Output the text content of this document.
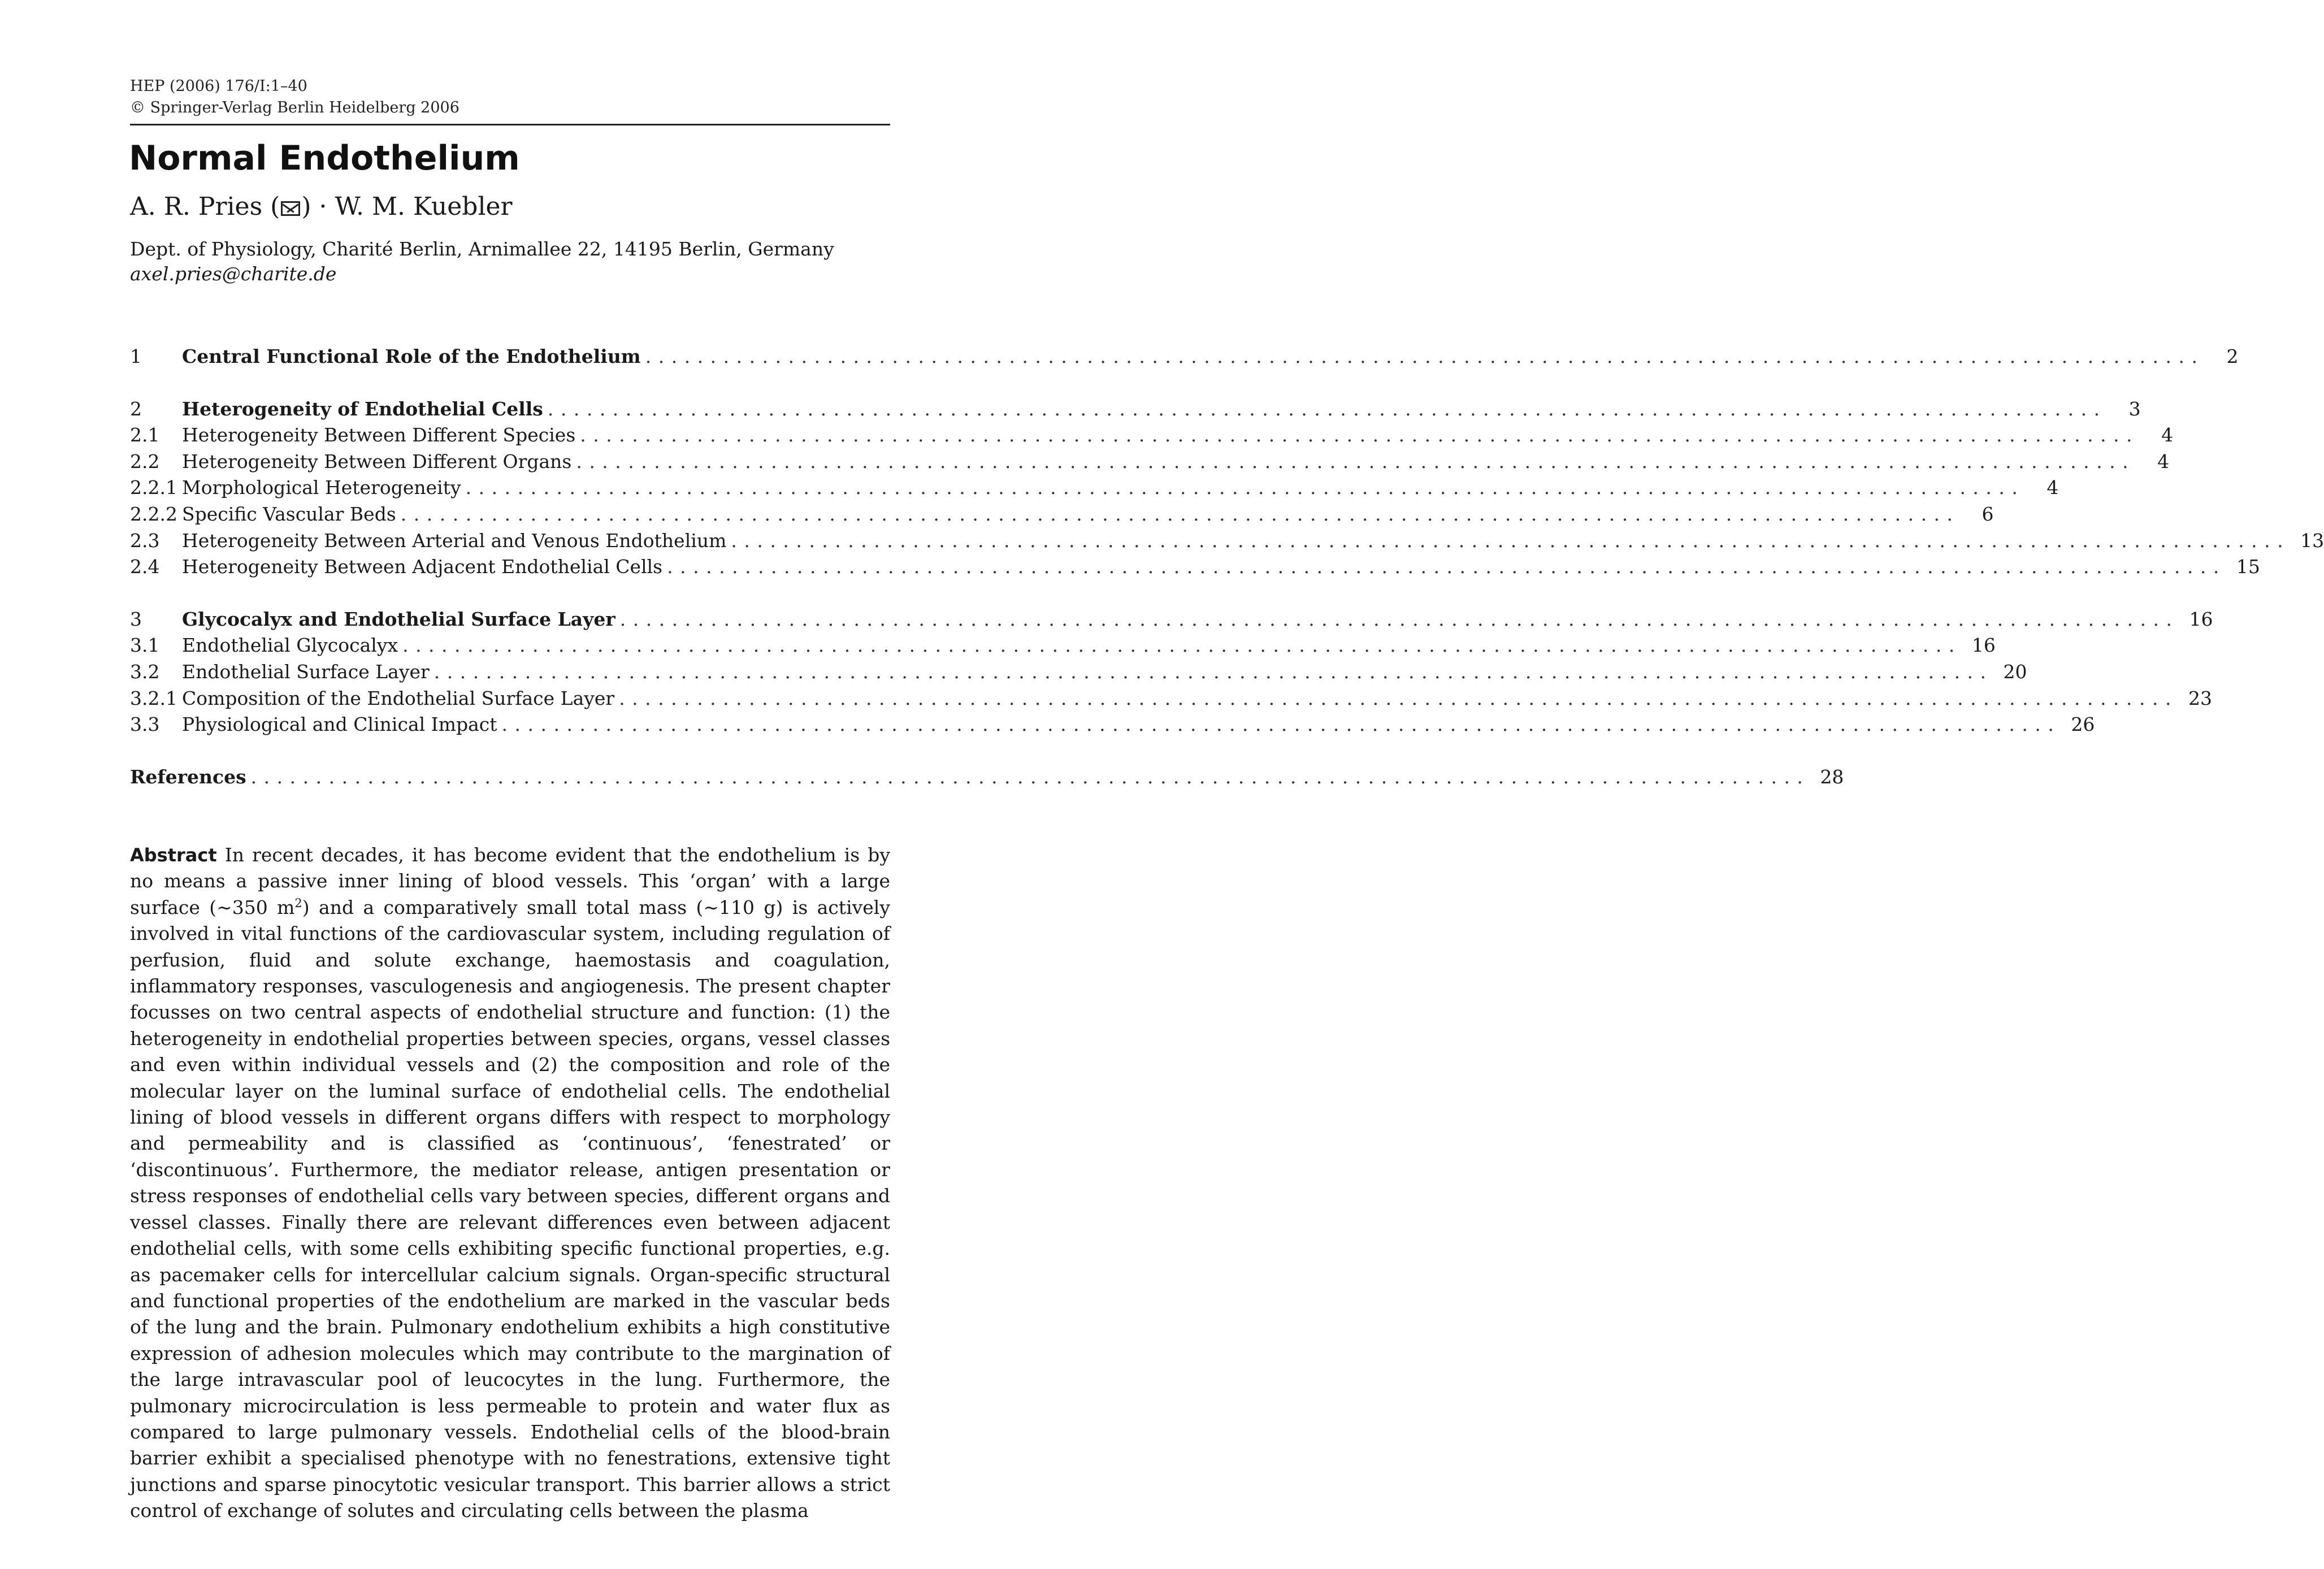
HEP (2006) 176/I:1–40
© Springer-Verlag Berlin Heidelberg 2006
Normal Endothelium
A. R. Pries ( ) · W. M. Kuebler
Dept. of Physiology, Charité Berlin, Arnimallee 22, 14195 Berlin, Germany
axel.pries@charite.de
1	Central Functional Role of the Endothelium ........................................................................................................................	2
2	Heterogeneity of Endothelial Cells ........................................................................................................................	3
2.1	Heterogeneity Between Different Species ........................................................................................................................	4
2.2	Heterogeneity Between Different Organs ........................................................................................................................	4
2.2.1 Morphological Heterogeneity ........................................................................................................................	4
2.2.2 Specific Vascular Beds ........................................................................................................................	6
2.3	Heterogeneity Between Arterial and Venous Endothelium ........................................................................................................................ 13
2.4	Heterogeneity Between Adjacent Endothelial Cells ........................................................................................................................ 15
3	Glycocalyx and Endothelial Surface Layer ........................................................................................................................ 16
3.1	Endothelial Glycocalyx ........................................................................................................................ 16
3.2	Endothelial Surface Layer ........................................................................................................................ 20
3.2.1 Composition of the Endothelial Surface Layer ........................................................................................................................ 23
3.3	Physiological and Clinical Impact ........................................................................................................................ 26
References ........................................................................................................................ 28
Abstract In recent decades, it has become evident that the endothelium is by no means a passive inner lining of blood vessels. This ‘organ’ with a large surface (∼350 $m^2$) and a comparatively small total mass (∼110 g) is actively involved in vital functions of the cardiovascular system, including regulation of perfusion, fluid and solute exchange, haemostasis and coagulation, inflammatory responses, vasculogenesis and angiogenesis. The present chapter focusses on two central aspects of endothelial structure and function: (1) the heterogeneity in endothelial properties between species, organs, vessel classes and even within individual vessels and (2) the composition and role of the molecular layer on the luminal surface of endothelial cells. The endothelial lining of blood vessels in different organs differs with respect to morphology and permeability and is classified as ‘continuous’, ‘fenestrated’ or ‘discontinuous’. Furthermore, the mediator release, antigen presentation or stress responses of endothelial cells vary between species, different organs and vessel classes. Finally there are relevant differences even between adjacent endothelial cells, with some cells exhibiting specific functional properties, e.g. as pacemaker cells for intercellular calcium signals. Organ-specific structural and functional properties of the endothelium are marked in the vascular beds of the lung and the brain. Pulmonary endothelium exhibits a high constitutive expression of adhesion molecules which may contribute to the margination of the large intravascular pool of leucocytes in the lung. Furthermore, the pulmonary microcirculation is less permeable to protein and water flux as compared to large pulmonary vessels. Endothelial cells of the blood-brain barrier exhibit a specialised phenotype with no fenestrations, extensive tight junctions and sparse pinocytotic vesicular transport. This barrier allows a strict control of exchange of solutes and circulating cells between the plasma
